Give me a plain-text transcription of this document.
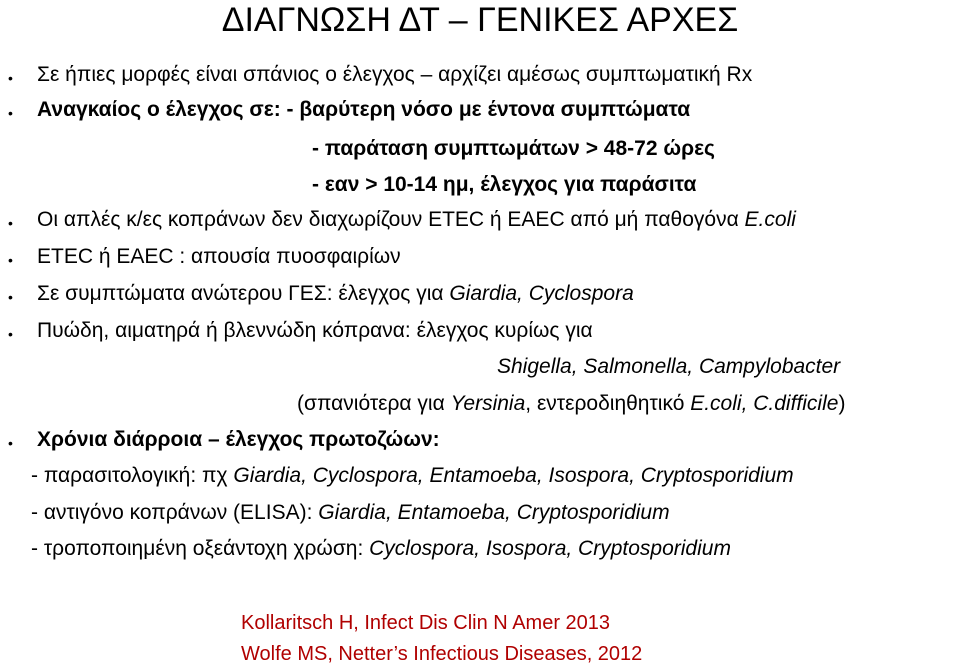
ΔΙΑΓΝΩΣΗ ΔΤ – ΓΕΝΙΚΕΣ ΑΡΧΕΣ
•	Σε ήπιες μορφές είναι σπάνιος ο έλεγχος – αρχίζει αμέσως συμπτωματική Rx
•	Αναγκαίος ο έλεγχος σε: - βαρύτερη νόσο με έντονα συμπτώματα
- παράταση συμπτωμάτων > 48-72 ώρες
- εαν > 10-14 ημ, έλεγχος για παράσιτα
•	Οι απλές κ/ες κοπράνων δεν διαχωρίζουν ETEC ή EAEC από μή παθογόνα E.coli
•	ETEC ή EAEC : απουσία πυοσφαιρίων
•	Σε συμπτώματα ανώτερου ΓΕΣ: έλεγχος για Giardia, Cyclospora
•	Πυώδη, αιματηρά ή βλεννώδη κόπρανα: έλεγχος κυρίως για
Shigella, Salmonella, Campylobacter
(σπανιότερα για Yersinia, εντεροδιηθητικό E.coli, C.difficile)
•	Χρόνια διάρροια – έλεγχος πρωτοζώων:
- παρασιτολογική: πχ Giardia, Cyclospora, Entamoeba, Isospora, Cryptosporidium
- αντιγόνο κοπράνων (ELISA): Giardia, Entamoeba, Cryptosporidium
- τροποποιημένη οξεάντοχη χρώση: Cyclospora, Isospora, Cryptosporidium
Kollaritsch H, Infect Dis Clin N Amer 2013
Wolfe MS, Netter’s Infectious Diseases, 2012
